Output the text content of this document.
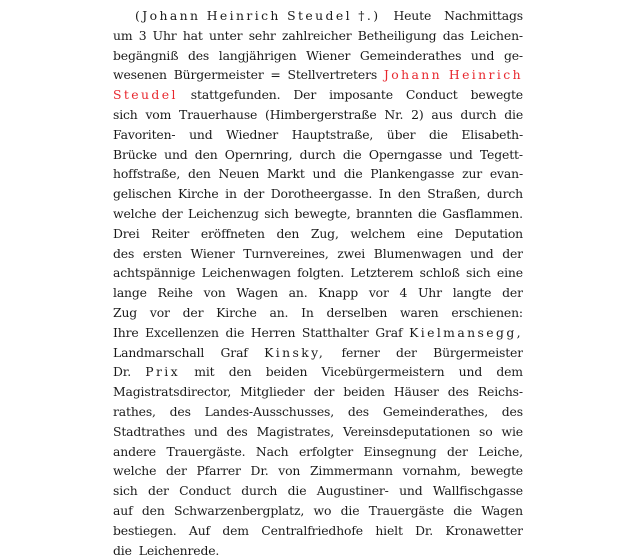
(Johann Heinrich Steudel †.) Heute Nachmittags
um 3 Uhr hat unter sehr zahlreicher Betheiligung das Leichen-
begängniß des langjährigen Wiener Gemeinderathes und ge-
wesenen Bürgermeister = Stellvertreters Johann Heinrich
Steudel stattgefunden. Der imposante Conduct bewegte
sich vom Trauerhause (Himbergerstraße Nr. 2) aus durch die
Favoriten- und Wiedner Hauptstraße, über die Elisabeth-
Brücke und den Opernring, durch die Operngasse und Tegett-
hoffstraße, den Neuen Markt und die Plankengasse zur evan-
gelischen Kirche in der Dorotheergasse. In den Straßen, durch
welche der Leichenzug sich bewegte, brannten die Gasflammen.
Drei Reiter eröffneten den Zug, welchem eine Deputation
des ersten Wiener Turnvereines, zwei Blumenwagen und der
achtspännige Leichenwagen folgten. Letzterem schloß sich eine
lange Reihe von Wagen an. Knapp vor 4 Uhr langte der
Zug vor der Kirche an. In derselben waren erschienen:
Ihre Excellenzen die Herren Statthalter Graf Kielmansegg,
Landmarschall Graf Kinsky, ferner der Bürgermeister
Dr. Prix mit den beiden Vicebürgermeistern und dem
Magistratsdirector, Mitglieder der beiden Häuser des Reichs-
rathes, des Landes-Ausschusses, des Gemeinderathes, des
Stadtrathes und des Magistrates, Vereinsdeputationen so wie
andere Trauergäste. Nach erfolgter Einsegnung der Leiche,
welche der Pfarrer Dr. von Zimmermann vornahm, bewegte
sich der Conduct durch die Augustiner- und Wallfischgasse
auf den Schwarzenbergplatz, wo die Trauergäste die Wagen
bestiegen. Auf dem Centralfriedhofe hielt Dr. Kronawetter
die Leichenrede.
